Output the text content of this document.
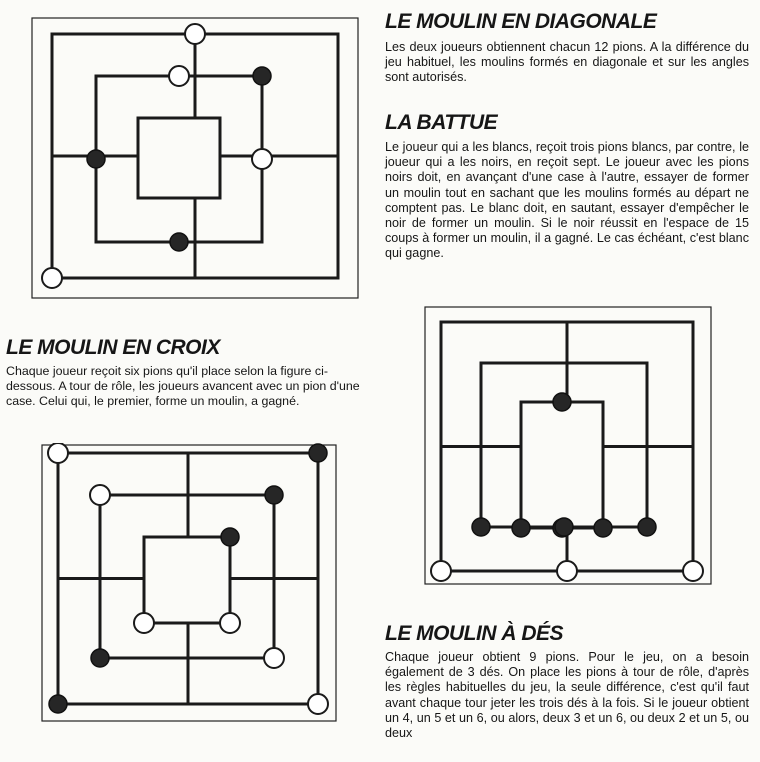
LE MOULIN EN DIAGONALE
Les deux joueurs obtiennent chacun 12 pions. A la différence du jeu habituel, les moulins formés en diagonale et sur les angles sont autorisés.
LA BATTUE
Le joueur qui a les blancs, reçoit trois pions blancs, par contre, le joueur qui a les noirs, en reçoit sept. Le joueur avec les pions noirs doit, en avançant d'une case à l'autre, essayer de former un moulin tout en sachant que les moulins formés au départ ne comptent pas. Le blanc doit, en sautant, essayer d'empêcher le noir de former un moulin. Si le noir réussit en l'espace de 15 coups à former un moulin, il a gagné. Le cas échéant, c'est blanc qui gagne.
LE MOULIN À DÉS
Chaque joueur obtient 9 pions. Pour le jeu, on a besoin également de 3 dés. On place les pions à tour de rôle, d'après les règles habituelles du jeu, la seule différence, c'est qu'il faut avant chaque tour jeter les trois dés à la fois. Si le joueur obtient un 4, un 5 et un 6, ou alors, deux 3 et un 6, ou deux 2 et un 5, ou deux
LE MOULIN EN CROIX
Chaque joueur reçoit six pions qu'il place selon la figure ci-dessous. A tour de rôle, les joueurs avancent avec un pion d'une case. Celui qui, le premier, forme un moulin, a gagné.
